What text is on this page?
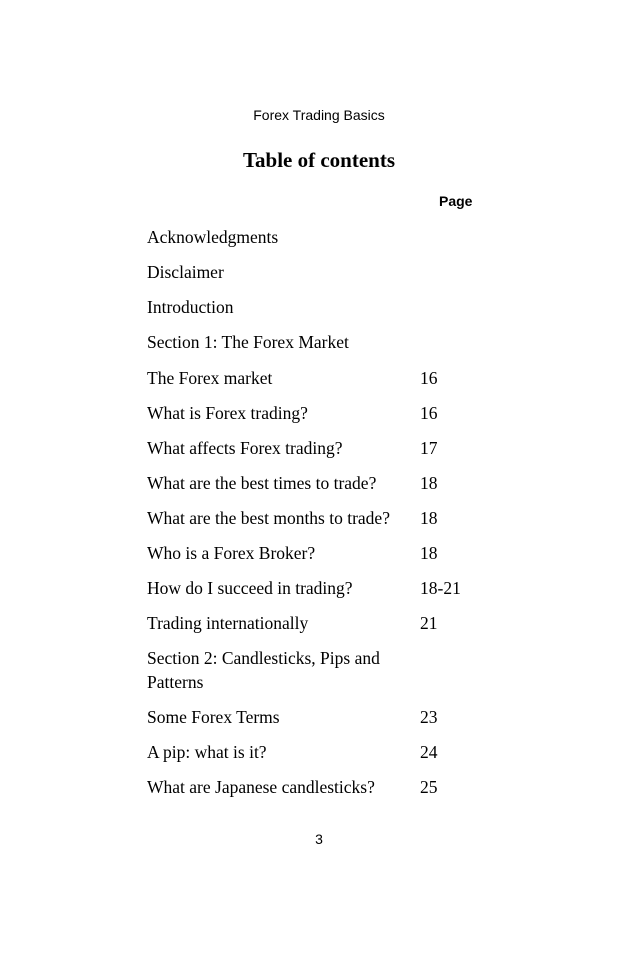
Forex Trading Basics
Table of contents
Page
Acknowledgments
Disclaimer
Introduction
Section 1: The Forex Market
The Forex market	16
What is Forex trading?	16
What affects Forex trading?	17
What are the best times to trade?	18
What are the best months to trade? 18
Who is a Forex Broker?	18
How do I succeed in trading?	18-21
Trading internationally	21
Section 2: Candlesticks, Pips and Patterns
Some Forex Terms	23
A pip: what is it?	24
What are Japanese candlesticks?	25
3
